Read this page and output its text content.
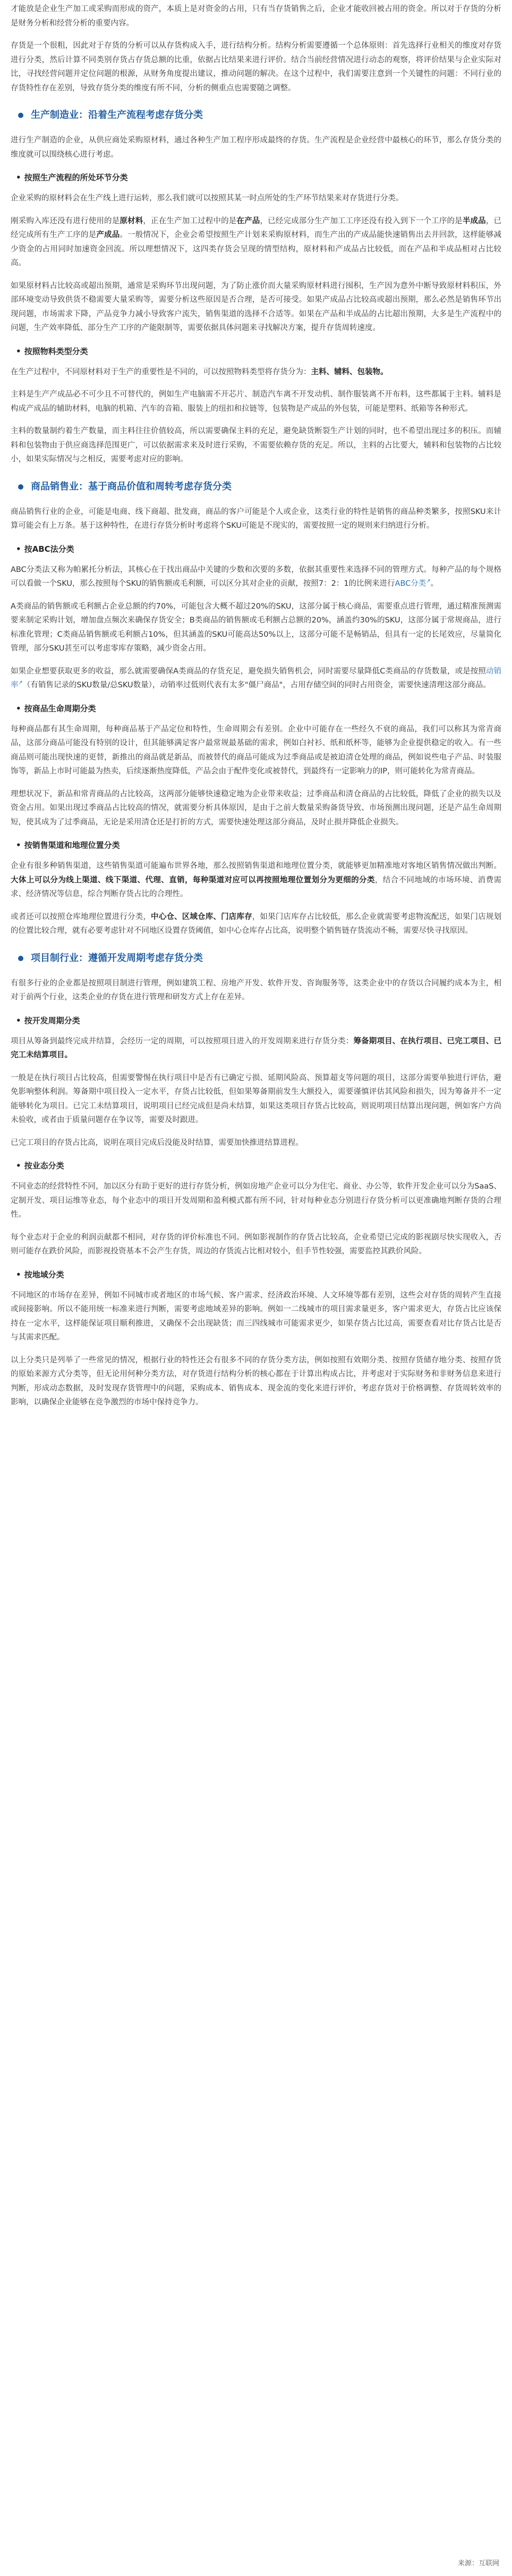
才能放是企业生产加工或采购而形成的资产，本质上是对资金的占用，只有当存货销售之后，企业才能收回被占用的资金。所以对于存货的分析是财务分析和经营分析的重要内容。

存货是一个很粗，因此对于存货的分析可以从存货构成入手，进行结构分析。结构分析需要遵循一个总体原则：首先选择行业相关的维度对存货进行分类，然后计算不同类别存货占存货总额的比重，依据占比结果来进行评价。结合当前经营情况进行动态的观察，将评价结果与企业实际对比，寻找经营问题并定位问题的根源，从财务角度提出建议，推动问题的解决。在这个过程中，我们需要注意到一个关键性的问题：不同行业的存货特性存在差别，导致存货分类的维度有所不同，分析的侧重点也需要随之调整。

生产制造业：沿着生产流程考虑存货分类

进行生产制造的企业，从供应商处采购原材料，通过各种生产加工程序形成最终的存货。生产流程是企业经营中最核心的环节，那么存货分类的维度就可以围绕核心进行考虑。

• 按照生产流程的所处环节分类

企业采购的原材料会在生产线上进行运转，那么我们就可以按照其某一时点所处的生产环节结果来对存货进行分类。

刚采购入库还没有进行使用的是原材料，正在生产加工过程中的是在产品，已经完成部分生产加工工序还没有投入到下一个工序的是半成品，已经完成所有生产工序的是产成品。一般情况下，企业会希望按照生产计划来采购原材料，而生产出的产成品能快速销售出去并回款，这样能够减少资金的占用同时加速资金回流。所以理想情况下，这四类存货会呈现的情型结构，原材料和产成品占比较低，而在产品和半成品相对占比较高。

如果原材料占比较高或超出预期，通常是采购环节出现问题，为了防止涨价而大量采购原材料进行囤积，生产因为意外中断导致原材料积压，外部环境变动导致供货不稳需要大量采购等，需要分析这些原因是否合理，是否可接受。如果产成品占比较高或超出预期，那么必然是销售环节出现问题，市场需求下降，产品竞争力减小导致客户流失，销售渠道的选择不合适等。如果在产品和半成品的占比超出预期，大多是生产流程中的问题，生产效率降低、部分生产工序的产能限制等，需要依据具体问题来寻找解决方案，提升存货周转速度。

• 按照物料类型分类

在生产过程中，不同原材料对于生产的重要性是不同的，可以按照物料类型将存货分为：主料、辅料、包装物。

主料是生产产成品必不可少且不可替代的，例如生产电脑需不开芯片、制造汽车离不开发动机、制作服装离不开布料，这些都属于主料。辅料是构成产成品的辅助材料，电脑的机箱、汽车的音箱、服装上的纽扣和拉链等，包装物是产成品的外包装，可能是塑料、纸箱等各种形式。

主料的数量制约着生产数量，而主料往往价值较高，所以需要确保主料的充足，避免缺货断裂生产计划的同时，也不希望出现过多的积压。而辅料和包装物由于供应商选择范围更广，可以依据需求来及时进行采购，不需要依赖存货的充足。所以，主料的占比要大，辅料和包装物的占比较小，如果实际情况与之相反，需要考虑对应的影响。

商品销售业：基于商品价值和周转考虑存货分类

商品销售行业的企业，可能是电商、线下商超、批发商，商品的客户可能是个人或企业，这类行业的特性是销售的商品种类繁多，按照SKU来计算可能会有上万条。基于这种特性，在进行存货分析时考虑将个SKU可能是不现实的，需要按照一定的规则来归纳进行分析。

• 按ABC法分类

ABC分类法又称为帕累托分析法，其核心在于找出商品中关键的少数和次要的多数，依据其重要性来选择不同的管理方式。每种产品的每个规格可以看做一个SKU，那么按照每个SKU的销售额或毛利额，可以区分其对企业的贡献，按照7：2：1的比例来进行ABC分类↗。

A类商品的销售额或毛利额占企业总额的约70%，可能包含大概不超过20%的SKU，这部分属于核心商品，需要重点进行管理，通过精准预测需要来制定采购计划，增加盘点频次来确保存货安全；B类商品的销售额或毛利额占总额的20%，涵盖约30%的SKU，这部分属于常规商品，进行标准化管理；C类商品销售额或毛利额占10%，但其涵盖的SKU可能高达50%以上，这部分可能不是畅销品，但具有一定的长尾效应，尽量简化管理，部分SKU甚至可以考虑零库存策略，减少资金占用。

如果企业想要获取更多的收益，那么就需要确保A类商品的存货充足，避免损失销售机会，同时需要尽量降低C类商品的存货数量，或是按照动销率↗（有销售记录的SKU数量/总SKU数量），动销率过低则代表有太多"僵尸商品"，占用存储空间的同时占用资金，需要快速清理这部分商品。

• 按商品生命周期分类

每种商品都有其生命周期，每种商品基于产品定位和特性，生命周期会有差别。企业中可能存在一些经久不衰的商品，我们可以称其为常青商品，这部分商品可能没有特别的设计，但其能够满足客户最常规最基础的需求，例如白衬衫、纸和纸杯等，能够为企业提供稳定的收入。有一些商品则可能出现快速的更替，新推出的商品就是新品，而被替代的商品可能成为过季商品或是被迫清仓处理的商品，例如说些电子产品、时装服饰等，新品上市时可能最为热卖，后续逐渐热度降低，产品会由于配件变化或被替代，到最终有一定影响力的IP，则可能转化为常青商品。

理想状况下，新品和常青商品的占比较高，这两部分能够快速稳定地为企业带来收益；过季商品和清仓商品的占比较低，降低了企业的损失以及资金占用。如果出现过季商品占比较高的情况，就需要分析具体原因，是由于之前大数量采购备货导致、市场预测出现问题，还是产品生命周期短，使其成为了过季商品，无论是采用清仓还是打折的方式，需要快速处理这部分商品，及时止损并降低企业损失。

• 按销售渠道和地理位置分类

企业有很多种销售渠道，这些销售渠道可能遍布世界各地，那么按照销售渠道和地理位置分类，就能够更加精准地对客地区销售情况做出判断。大体上可以分为线上渠道、线下渠道、代理、直销，每种渠道对应可以再按照地理位置划分为更细的分类，结合不同地域的市场环境、消费需求、经济情况等信息，综合判断存货占比的合理性。

或者还可以按照仓库地理位置进行分类，中心仓、区域仓库、门店库存，如果门店库存占比较低，那么企业就需要考虑物流配送，如果门店规划的位置比较合理，就有必要考虑针对不同地区设置存货阈值，如中心仓库存占比高，说明整个销售链存货流动不畅，需要尽快寻找原因。

项目制行业：遵循开发周期考虑存货分类

有很多行业的企业都是按照项目制进行管理，例如建筑工程、房地产开发、软件开发、咨询服务等，这类企业中的存货以合同履约成本为主，相对于前两个行业，这类企业的存货在进行管理和研发方式上存在差异。

• 按开发周期分类

项目从筹备到最终完成并结算，会经历一定的周期，可以按照项目进入的开发周期来进行存货分类：筹备期项目、在执行项目、已完工项目、已完工未结算项目。

一般是在执行项目占比较高，但需要警惕在执行项目中是否有已确定亏损、延期风险高、预算超支等问题的项目，这部分需要单独进行评估，避免影响整体利润。筹备期中项目投入一定水平，存货占比较低，但如果筹备期前发生大额投入，需要谨慎评估其风险和损失，因为筹备并不一定能够转化为项目。已完工未结算项目，说明项目已经完成但是尚未结算，如果这类项目存货占比较高，则说明项目结算出现问题，例如客户方尚未验收，或者由于质量问题存在争议等，需要及时跟进。

已完工项目的存货占比高，说明在项目完成后没能及时结算，需要加快推进结算进程。

• 按业态分类

不同业态的经营特性不同，加以区分有助于更好的进行存货分析，例如房地产企业可以分为住宅、商业、办公等，软件开发企业可以分为SaaS、定制开发、项目运维等业态，每个业态中的项目开发周期和盈利模式都有所不同，针对每种业态分别进行存货分析可以更准确地判断存货的合理性。

每个业态对于企业的利润贡献都不相同，对存货的评价标准也不同。例如影视制作的存货占比较高，企业希望已完成的影视剧尽快实现收入，否则可能存在跌价风险，而影视投资基本不会产生存货，周边的存货流占比相对较小，但手节性较强，需要监控其跌价风险。

• 按地域分类

不同地区的市场存在差异，例如不同城市或者地区的市场气候、客户需求、经济政治环境、人文环境等都有差别，这些会对存货的周转产生直接或间接影响。所以不能用统一标准来进行判断，需要考虑地域差异的影响。例如一二线城市的项目需求量更多，客户需求更大，存货占比应该保持在一定水平，这样能保证项目顺利推进，又确保不会出现缺货；而三四线城市可能需求更少，如果存货占比过高，需要查看对比存货占比是否与其需求匹配。

以上分类只是列举了一些常见的情况，根据行业的特性还会有很多不同的存货分类方法，例如按照有效期分类、按照存货储存地分类、按照存货的原始来源方式分类等，但无论用何种分类方法，对存货进行结构分析的核心都在于计算出构成占比，并考虑对于实际财务和非财务信息来进行判断，形成动态数据，及时发现存货管理中的问题，采购成本、销售成本、现金流的变化来进行评价，考虑存货对于价格调整、存货周转效率的影响，以确保企业能够在竞争激烈的市场中保持竞争力。

来源：互联网
